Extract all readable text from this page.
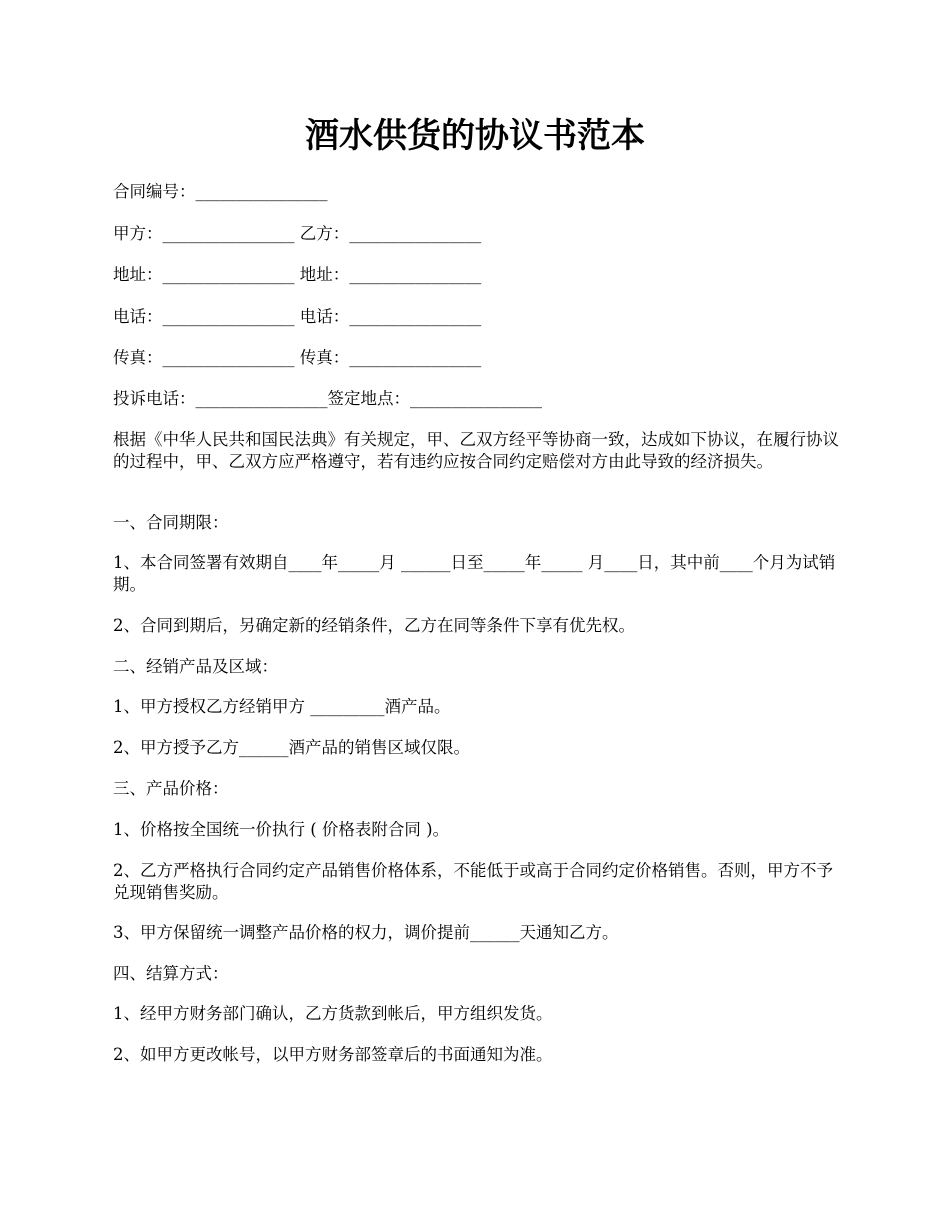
酒水供货的协议书范本

合同编号：________________

甲方：________________ 乙方：________________

地址：________________ 地址：________________

电话：________________ 电话：________________

传真：________________ 传真：________________

投诉电话：________________签定地点：________________

根据《中华人民共和国民法典》有关规定，甲、乙双方经平等协商一致，达成如下协议，在履行协议的过程中，甲、乙双方应严格遵守，若有违约应按合同约定赔偿对方由此导致的经济损失。

一、合同期限：

1、本合同签署有效期自____年_____月 ______日至_____年_____ 月____日，其中前____个月为试销期。

2、合同到期后，另确定新的经销条件，乙方在同等条件下享有优先权。

二、经销产品及区域：

1、甲方授权乙方经销甲方 _________酒产品。

2、甲方授予乙方______酒产品的销售区域仅限。

三、产品价格：

1、价格按全国统一价执行 ( 价格表附合同 )。

2、乙方严格执行合同约定产品销售价格体系，不能低于或高于合同约定价格销售。否则，甲方不予兑现销售奖励。

3、甲方保留统一调整产品价格的权力，调价提前______天通知乙方。

四、结算方式：

1、经甲方财务部门确认，乙方货款到帐后，甲方组织发货。

2、如甲方更改帐号，以甲方财务部签章后的书面通知为准。
